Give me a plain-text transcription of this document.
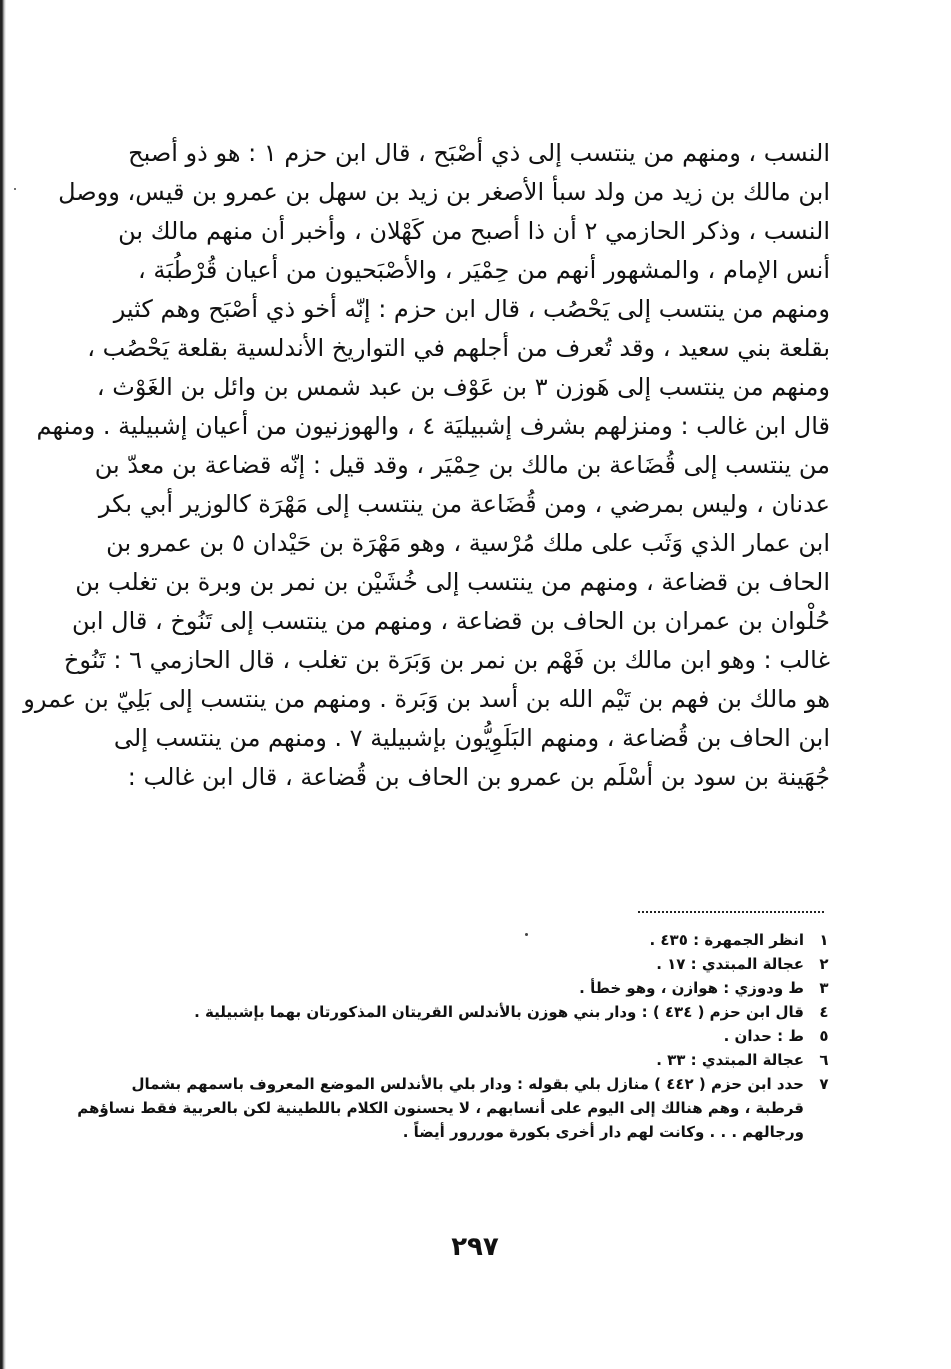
النسب ، ومنهم من ينتسب إلى ذي أصْبَح ، قال ابن حزم ١ : هو ذو أصبح
ابن مالك بن زيد من ولد سبأ الأصغر بن زيد بن سهل بن عمرو بن قيس، ووصل
النسب ، وذكر الحازمي ٢ أن ذا أصبح من كَهْلان ، وأخبر أن منهم مالك بن
أنس الإمام ، والمشهور أنهم من حِمْيَر ، والأصْبَحيون من أعيان قُرْطُبَة ،
ومنهم من ينتسب إلى يَحْصُب ، قال ابن حزم : إنّه أخو ذي أصْبَح وهم كثير
بقلعة بني سعيد ، وقد تُعرف من أجلهم في التواريخ الأندلسية بقلعة يَحْصُب ،
ومنهم من ينتسب إلى هَوزن ٣ بن عَوْف بن عبد شمس بن وائل بن الغَوْث ،
قال ابن غالب : ومنزلهم بشرف إشبيليَة ٤ ، والهوزنيون من أعيان إشبيلية . ومنهم
من ينتسب إلى قُضَاعة بن مالك بن حِمْيَر ، وقد قيل : إنّه قضاعة بن معدّ بن
عدنان ، وليس بمرضي ، ومن قُضَاعة من ينتسب إلى مَهْرَة كالوزير أبي بكر
ابن عمار الذي وَثَب على ملك مُرْسية ، وهو مَهْرَة بن حَيْدان ٥ بن عمرو بن
الحاف بن قضاعة ، ومنهم من ينتسب إلى خُشَيْن بن نمر بن وبرة بن تغلب بن
حُلْوان بن عمران بن الحاف بن قضاعة ، ومنهم من ينتسب إلى تَنُوخ ، قال ابن
غالب : وهو ابن مالك بن فَهْم بن نمر بن وَبَرَة بن تغلب ، قال الحازمي ٦ : تَنُوخ
هو مالك بن فهم بن تَيْم الله بن أسد بن وَبَرة . ومنهم من ينتسب إلى بَلِيّ بن عمرو
ابن الحاف بن قُضاعة ، ومنهم البَلَوِيُّون بإشبيلية ٧ . ومنهم من ينتسب إلى
جُهَينة بن سود بن أسْلَم بن عمرو بن الحاف بن قُضاعة ، قال ابن غالب :
١
انظر الجمهرة : ٤٣٥ .
٢
عجالة المبتدي : ١٧ .
٣
ط ودوزي : هوازن ، وهو خطأ .
٤
قال ابن حزم ( ٤٣٤ ) : ودار بني هوزن بالأندلس القريتان المذكورتان بهما بإشبيلية .
٥
ط : حدان .
٦
عجالة المبتدي : ٣٣ .
٧
حدد ابن حزم ( ٤٤٢ ) منازل بلي بقوله : ودار بلي بالأندلس الموضع المعروف باسمهم بشمال
قرطبة ، وهم هنالك إلى اليوم على أنسابهم ، لا يحسنون الكلام باللطينية لكن بالعربية فقط نساؤهم
ورجالهم . . . وكانت لهم دار أخرى بكورة موررور أيضاً .
٢٩٧
